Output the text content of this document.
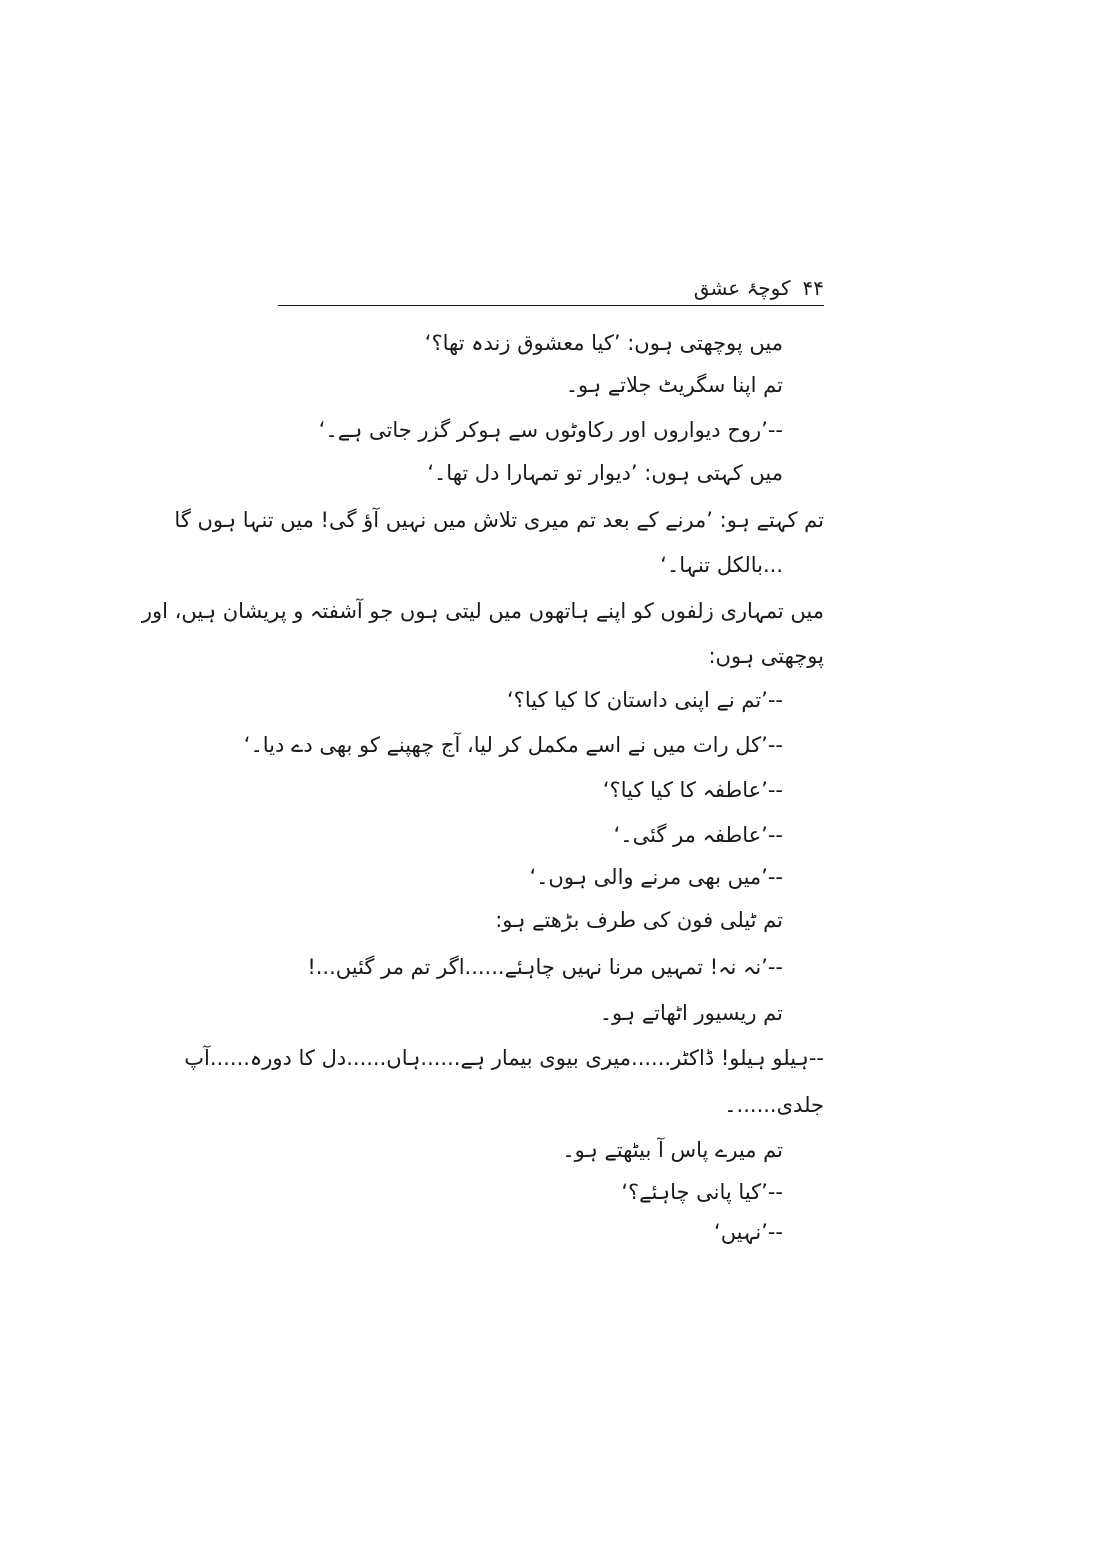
۴۴
کوچۂ عشق
میں پوچھتی ہوں: ’کیا معشوق زندہ تھا؟‘
تم اپنا سگریٹ جلاتے ہو۔
--’روح دیواروں اور رکاوٹوں سے ہوکر گزر جاتی ہے۔‘
میں کہتی ہوں: ’دیوار تو تمہارا دل تھا۔‘
تم کہتے ہو: ’مرنے کے بعد تم میری تلاش میں نہیں آؤ گی! میں تنہا ہوں گا
...بالکل تنہا۔‘
میں تمہاری زلفوں کو اپنے ہاتھوں میں لیتی ہوں جو آشفتہ و پریشان ہیں، اور
پوچھتی ہوں:
--’تم نے اپنی داستان کا کیا کیا؟‘
--’کل رات میں نے اسے مکمل کر لیا، آج چھپنے کو بھی دے دیا۔‘
--’عاطفہ کا کیا کیا؟‘
--’عاطفہ مر گئی۔‘
--’میں بھی مرنے والی ہوں۔‘
تم ٹیلی فون کی طرف بڑھتے ہو:
--’نہ نہ! تمہیں مرنا نہیں چاہئے......اگر تم مر گئیں...!
تم ریسیور اٹھاتے ہو۔
--ہیلو ہیلو! ڈاکٹر......میری بیوی بیمار ہے......ہاں......دل کا دورہ......آپ
جلدی......۔
تم میرے پاس آ بیٹھتے ہو۔
--’کیا پانی چاہئے؟‘
--’نہیں‘
